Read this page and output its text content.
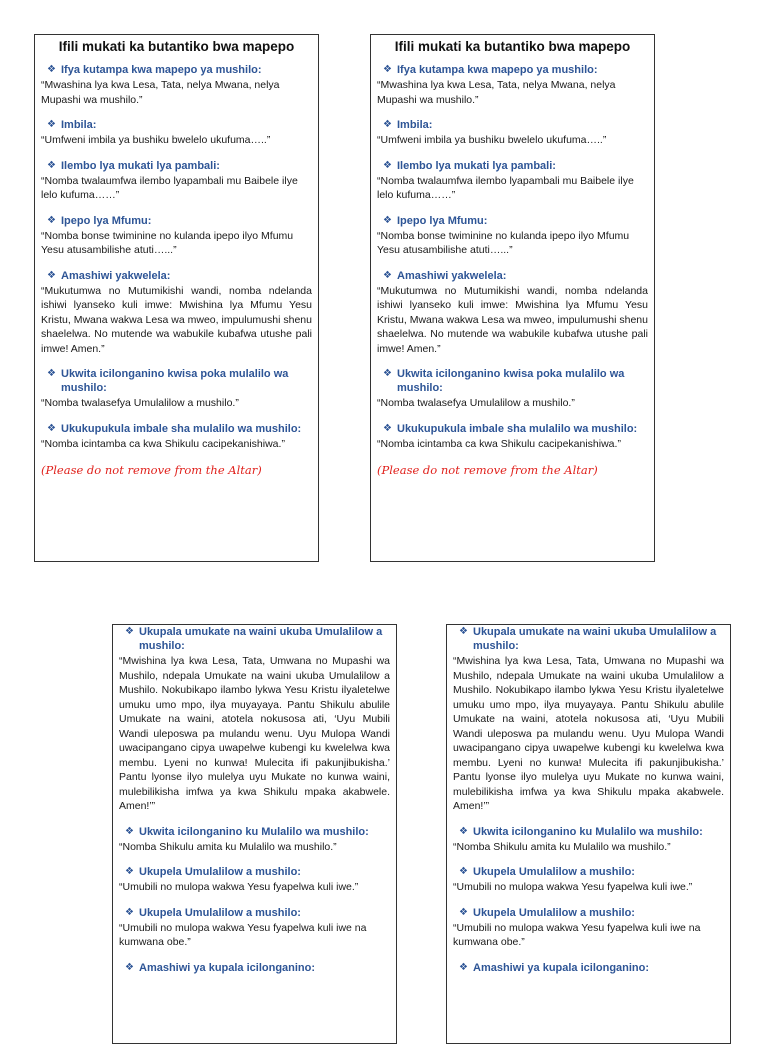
Ifili mukati ka butantiko bwa mapepo
❖ Ifya kutampa kwa mapepo ya mushilo:
“Mwashina lya kwa Lesa, Tata, nelya Mwana, nelya Mupashi wa mushilo.”
❖ Imbila:
“Umfweni imbila ya bushiku bwelelo ukufuma…..”
❖ Ilembo lya mukati lya pambali:
“Nomba twalaumfwa ilembo lyapambali mu Baibele ilye lelo kufuma……”
❖ Ipepo lya Mfumu:
“Nomba bonse twiminine no kulanda ipepo ilyo Mfumu Yesu atusambilishe atuti…...”
❖ Amashiwi yakwelela:
“Mukutumwa no Mutumikishi wandi, nomba ndelanda ishiwi lyanseko kuli imwe: Mwishina lya Mfumu Yesu Kristu, Mwana wakwa Lesa wa mweo, impulumushi shenu shaelelwa. No mutende wa wabukile kubafwa utushe pali imwe! Amen.”
❖ Ukwita icilonganino kwisa poka mulalilo wa mushilo:
“Nomba twalasefya Umulalilow a mushilo.”
❖ Ukukupukula imbale sha mulalilo wa mushilo:
“Nomba icintamba ca kwa Shikulu cacipekanishiwa.”
(Please do not remove from the Altar)
Ifili mukati ka butantiko bwa mapepo
❖ Ifya kutampa kwa mapepo ya mushilo:
“Mwashina lya kwa Lesa, Tata, nelya Mwana, nelya Mupashi wa mushilo.”
❖ Imbila:
“Umfweni imbila ya bushiku bwelelo ukufuma…..”
❖ Ilembo lya mukati lya pambali:
“Nomba twalaumfwa ilembo lyapambali mu Baibele ilye lelo kufuma……”
❖ Ipepo lya Mfumu:
“Nomba bonse twiminine no kulanda ipepo ilyo Mfumu Yesu atusambilishe atuti…...”
❖ Amashiwi yakwelela:
“Mukutumwa no Mutumikishi wandi, nomba ndelanda ishiwi lyanseko kuli imwe: Mwishina lya Mfumu Yesu Kristu, Mwana wakwa Lesa wa mweo, impulumushi shenu shaelelwa. No mutende wa wabukile kubafwa utushe pali imwe! Amen.”
❖ Ukwita icilonganino kwisa poka mulalilo wa mushilo:
“Nomba twalasefya Umulalilow a mushilo.”
❖ Ukukupukula imbale sha mulalilo wa mushilo:
“Nomba icintamba ca kwa Shikulu cacipekanishiwa.”
(Please do not remove from the Altar)
❖ Ukupala umukate na waini ukuba Umulalilow a mushilo:
“Mwishina lya kwa Lesa, Tata, Umwana no Mupashi wa Mushilo, ndepala Umukate na waini ukuba Umulalilow a Mushilo. Nokubikapo ilambo lykwa Yesu Kristu ilyaletelwe umuku umo mpo, ilya muyayaya. Pantu Shikulu abulile Umukate na waini, atotela nokusosa ati, ‘Uyu Mubili Wandi uleposwa pa mulandu wenu. Uyu Mulopa Wandi uwacipangano cipya uwapelwe kubengi ku kwelelwa kwa membu. Lyeni no kunwa! Mulecita ifi pakunjibukisha.’ Pantu lyonse ilyo mulelya uyu Mukate no kunwa waini, mulebilikisha imfwa ya kwa Shikulu mpaka akabwele. Amen!’”
❖ Ukwita icilonganino ku Mulalilo wa mushilo:
“Nomba Shikulu amita ku Mulalilo wa mushilo.”
❖ Ukupela Umulalilow a mushilo:
“Umubili no mulopa wakwa Yesu fyapelwa kuli iwe.”
❖ Ukupela Umulalilow a mushilo:
“Umubili no mulopa wakwa Yesu fyapelwa kuli iwe na kumwana obe.”
❖ Amashiwi ya kupala icilonganino:
❖ Ukupala umukate na waini ukuba Umulalilow a mushilo:
“Mwishina lya kwa Lesa, Tata, Umwana no Mupashi wa Mushilo, ndepala Umukate na waini ukuba Umulalilow a Mushilo. Nokubikapo ilambo lykwa Yesu Kristu ilyaletelwe umuku umo mpo, ilya muyayaya. Pantu Shikulu abulile Umukate na waini, atotela nokusosa ati, ‘Uyu Mubili Wandi uleposwa pa mulandu wenu. Uyu Mulopa Wandi uwacipangano cipya uwapelwe kubengi ku kwelelwa kwa membu. Lyeni no kunwa! Mulecita ifi pakunjibukisha.’ Pantu lyonse ilyo mulelya uyu Mukate no kunwa waini, mulebilikisha imfwa ya kwa Shikulu mpaka akabwele. Amen!’”
❖ Ukwita icilonganino ku Mulalilo wa mushilo:
“Nomba Shikulu amita ku Mulalilo wa mushilo.”
❖ Ukupela Umulalilow a mushilo:
“Umubili no mulopa wakwa Yesu fyapelwa kuli iwe.”
❖ Ukupela Umulalilow a mushilo:
“Umubili no mulopa wakwa Yesu fyapelwa kuli iwe na kumwana obe.”
❖ Amashiwi ya kupala icilonganino:
